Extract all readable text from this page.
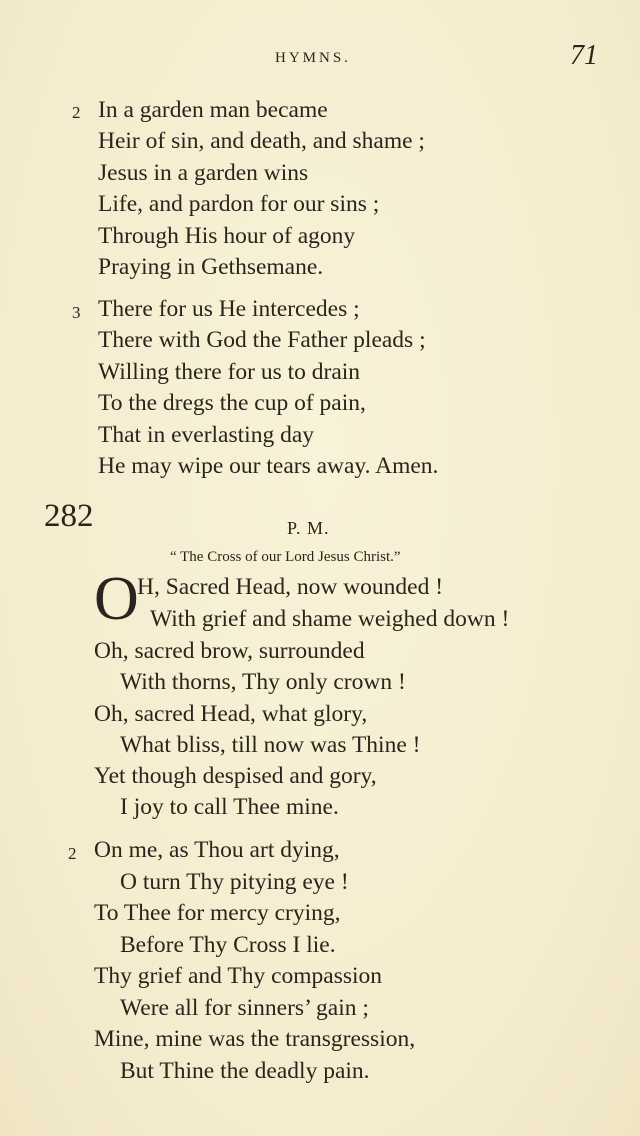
HYMNS.	71
2 In a garden man became
Heir of sin, and death, and shame ;
Jesus in a garden wins
Life, and pardon for our sins ;
Through His hour of agony
Praying in Gethsemane.
3 There for us He intercedes ;
There with God the Father pleads ;
Willing there for us to drain
To the dregs the cup of pain,
That in everlasting day
He may wipe our tears away. Amen.
282	P. M.
“ The Cross of our Lord Jesus Christ.”
O
H, Sacred Head, now wounded !
With grief and shame weighed down !
Oh, sacred brow, surrounded
With thorns, Thy only crown !
Oh, sacred Head, what glory,
What bliss, till now was Thine !
Yet though despised and gory,
I joy to call Thee mine.
2 On me, as Thou art dying,
O turn Thy pitying eye !
To Thee for mercy crying,
Before Thy Cross I lie.
Thy grief and Thy compassion
Were all for sinners’ gain ;
Mine, mine was the transgression,
But Thine the deadly pain.
